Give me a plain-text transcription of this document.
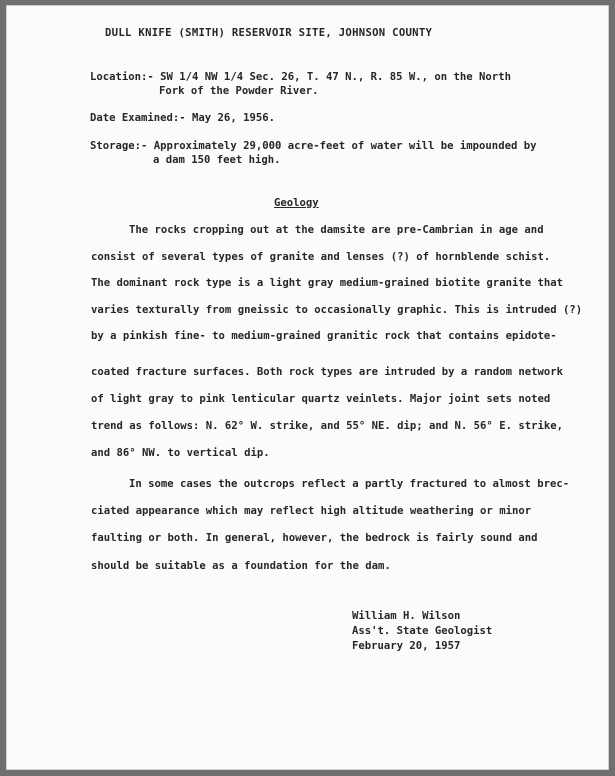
DULL KNIFE (SMITH) RESERVOIR SITE, JOHNSON COUNTY
Location:- SW 1/4 NW 1/4 Sec. 26, T. 47 N., R. 85 W., on the North
Fork of the Powder River.
Date Examined:- May 26, 1956.
Storage:- Approximately 29,000 acre-feet of water will be impounded by
a dam 150 feet high.
Geology
The rocks cropping out at the damsite are pre-Cambrian in age and
consist of several types of granite and lenses (?) of hornblende schist.
The dominant rock type is a light gray medium-grained biotite granite that
varies texturally from gneissic to occasionally graphic. This is intruded (?)
by a pinkish fine- to medium-grained granitic rock that contains epidote-
coated fracture surfaces. Both rock types are intruded by a random network
of light gray to pink lenticular quartz veinlets. Major joint sets noted
trend as follows: N. 62° W. strike, and 55° NE. dip; and N. 56° E. strike,
and 86° NW. to vertical dip.
In some cases the outcrops reflect a partly fractured to almost brec-
ciated appearance which may reflect high altitude weathering or minor
faulting or both. In general, however, the bedrock is fairly sound and
should be suitable as a foundation for the dam.
William H. Wilson
Ass't. State Geologist
February 20, 1957
